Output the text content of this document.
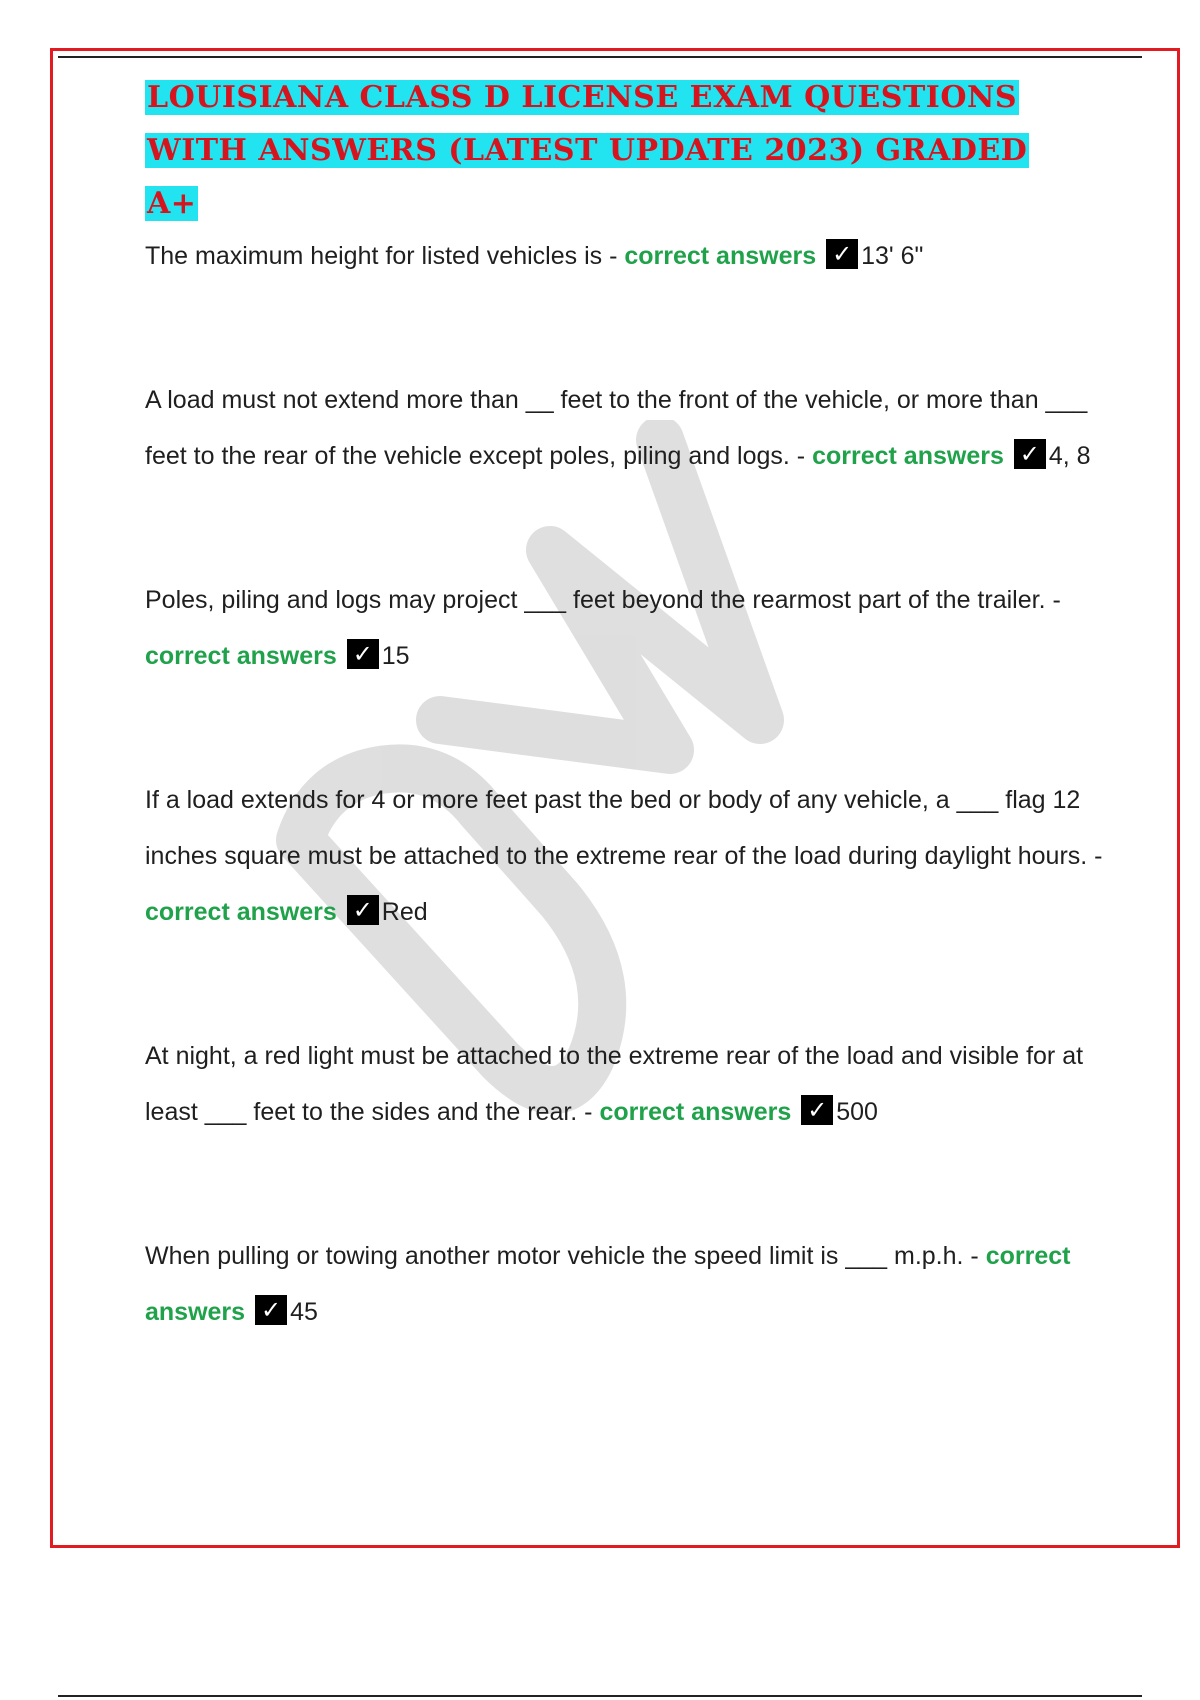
LOUISIANA CLASS D LICENSE EXAM QUESTIONS WITH ANSWERS (LATEST UPDATE 2023) GRADED A+

The maximum height for listed vehicles is - correct answers ✓ 13' 6"

A load must not extend more than __ feet to the front of the vehicle, or more than ___ feet to the rear of the vehicle except poles, piling and logs. - correct answers ✓ 4, 8

Poles, piling and logs may project ___ feet beyond the rearmost part of the trailer. - correct answers ✓ 15

If a load extends for 4 or more feet past the bed or body of any vehicle, a ___ flag 12 inches square must be attached to the extreme rear of the load during daylight hours. - correct answers ✓ Red

At night, a red light must be attached to the extreme rear of the load and visible for at least ___ feet to the sides and the rear. - correct answers ✓ 500

When pulling or towing another motor vehicle the speed limit is ___ m.p.h. - correct answers ✓ 45
